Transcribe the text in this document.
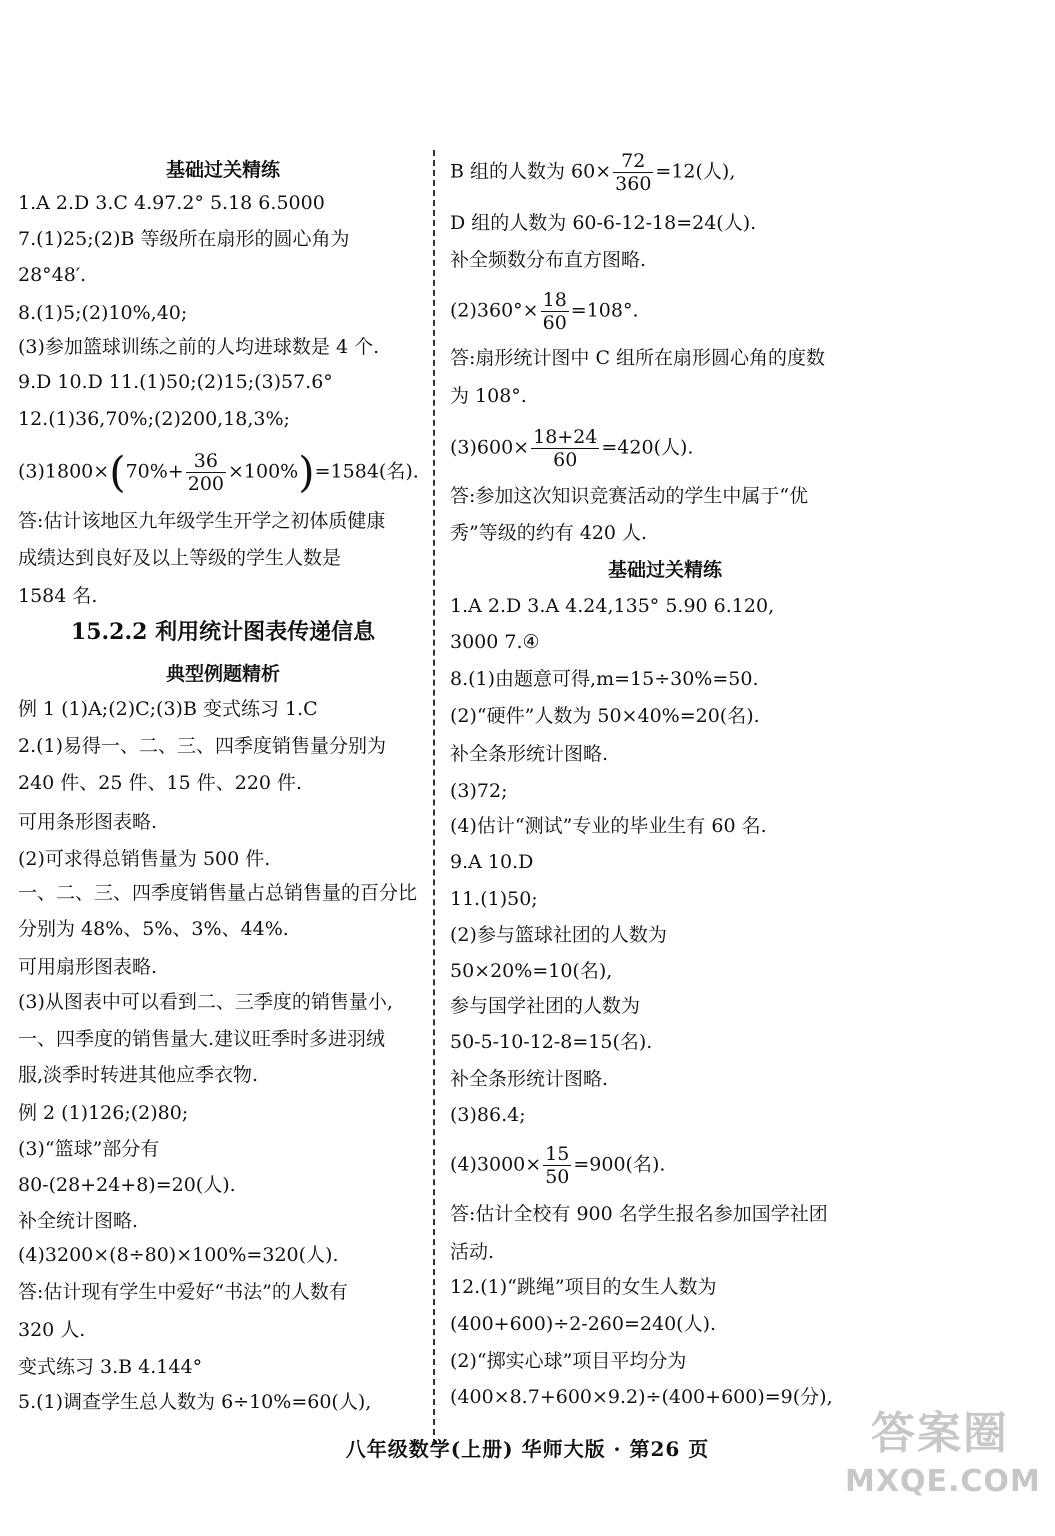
基础过关精练
1.A 2.D 3.C 4.97.2° 5.18 6.5000
7.(1)25;(2)B 等级所在扇形的圆心角为
28°48′.
8.(1)5;(2)10%,40;
(3)参加篮球训练之前的人均进球数是 4 个.
9.D 10.D 11.(1)50;(2)15;(3)57.6°
12.(1)36,70%;(2)200,18,3%;
$(3)1800\times(70\%+ \frac{36}{200} \times 100\%)=1584$(名).
答:估计该地区九年级学生开学之初体质健康
成绩达到良好及以上等级的学生人数是
1584 名.
15.2.2 利用统计图表传递信息
典型例题精析
例 1 (1)A;(2)C;(3)B 变式练习 1.C
2.(1)易得一、二、三、四季度销售量分别为
240 件、25 件、15 件、220 件.
可用条形图表略.
(2)可求得总销售量为 500 件.
一、二、三、四季度销售量占总销售量的百分比
分别为 48%、5%、3%、44%.
可用扇形图表略.
(3)从图表中可以看到二、三季度的销售量小,
一、四季度的销售量大.建议旺季时多进羽绒
服,淡季时转进其他应季衣物.
例 2 (1)126;(2)80;
(3)“篮球”部分有
80-(28+24+8)=20(人).
补全统计图略.
(4)3200×(8÷80)×100%=320(人).
答:估计现有学生中爱好“书法”的人数有
320 人.
变式练习 3.B 4.144°
5.(1)调查学生总人数为 6÷10%=60(人),
B 组的人数为 $60\times \frac{72}{360} =12$(人),
D 组的人数为 60-6-12-18=24(人).
补全频数分布直方图略.
$(2)360^\circ\times \frac{18}{60} =108^\circ$.
答:扇形统计图中 C 组所在扇形圆心角的度数
为 108°.
$(3)600\times \frac{18+24}{60} =420$(人).
答:参加这次知识竞赛活动的学生中属于“优
秀”等级的约有 420 人.
基础过关精练
1.A 2.D 3.A 4.24,135° 5.90 6.120,
3000 7.④
8.(1)由题意可得,m=15÷30%=50.
(2)“硬件”人数为 50×40%=20(名).
补全条形统计图略.
(3)72;
(4)估计“测试”专业的毕业生有 60 名.
9.A 10.D
11.(1)50;
(2)参与篮球社团的人数为
50×20%=10(名),
参与国学社团的人数为
50-5-10-12-8=15(名).
补全条形统计图略.
(3)86.4;
$(4)3000\times \frac{15}{50} =900$(名).
答:估计全校有 900 名学生报名参加国学社团
活动.
12.(1)“跳绳”项目的女生人数为
(400+600)÷2-260=240(人).
(2)“掷实心球”项目平均分为
(400×8.7+600×9.2)÷(400+600)=9(分),
八年级数学(上册) 华师大版 · 第26 页	答案圈
MXQE.COM
